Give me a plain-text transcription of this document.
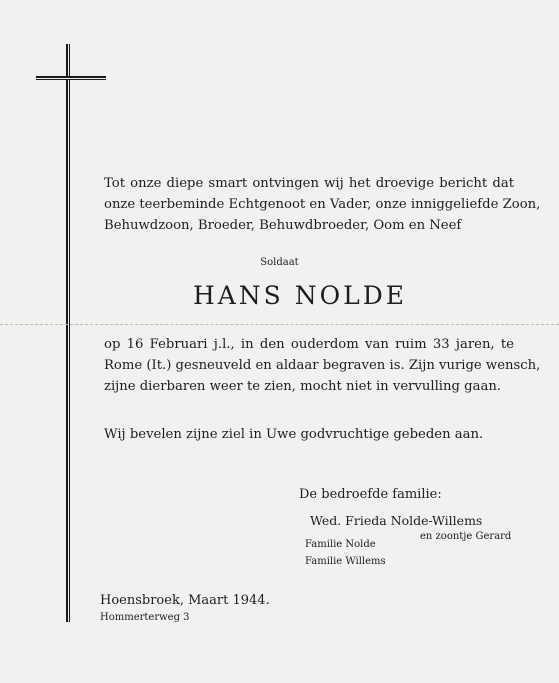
Tot onze diepe smart ontvingen wij het droevige bericht dat
onze teerbeminde Echtgenoot en Vader, onze inniggeliefde Zoon,
Behuwdzoon, Broeder, Behuwdbroeder, Oom en Neef
Soldaat
HANS NOLDE
op 16 Februari j.l., in den ouderdom van ruim 33 jaren, te
Rome (It.) gesneuveld en aldaar begraven is. Zijn vurige wensch,
zijne dierbaren weer te zien, mocht niet in vervulling gaan.
Wij bevelen zijne ziel in Uwe godvruchtige gebeden aan.
De bedroefde familie:
Wed. Frieda Nolde-Willems
en zoontje Gerard
Familie Nolde
Familie Willems
Hoensbroek, Maart 1944.
Hommerterweg 3
